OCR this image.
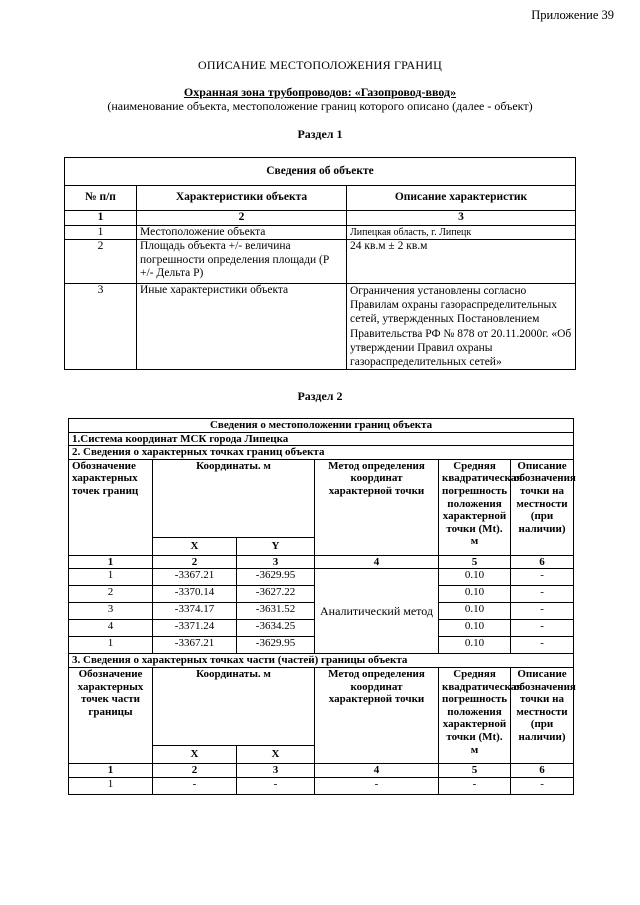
Приложение 39
ОПИСАНИЕ МЕСТОПОЛОЖЕНИЯ ГРАНИЦ
Охранная зона трубопроводов: «Газопровод-ввод»
(наименование объекта, местоположение границ которого описано (далее - объект)
Раздел 1
Сведения об объекте		
№ п/п	Характеристики объекта	Описание характеристик
1	2	3
1	Местоположение объекта	Липецкая область, г. Липецк
2	Площадь объекта +/- величина погрешности определения площади (Р +/- Дельта Р)	24 кв.м ± 2 кв.м
3	Иные характеристики объекта	Ограничения установлены согласно Правилам охраны газораспределительных сетей, утвержденных Постановлением Правительства РФ № 878 от 20.11.2000г. «Об утверждении Правил охраны газораспределительных сетей»
Раздел 2
Сведения о местоположении границ объекта					
1.Система координат МСК города Липецка					
2. Сведения о характерных точках границ объекта					
Обозначение характерных точек границ	Координаты. м		Метод определения координат характерной точки	Средняя квадратическая погрешность положения характерной точки (Mt). м	Описание обозначения точки на местности (при наличии)
	X	Y			
1	2	3	4	5	6
1	-3367.21	-3629.95	Аналитический метод	0.10	-
2	-3370.14	-3627.22		0.10	-
3	-3374.17	-3631.52		0.10	-
4	-3371.24	-3634.25		0.10	-
1	-3367.21	-3629.95		0.10	-
3. Сведения о характерных точках части (частей) границы объекта					
Обозначение характерных точек части границы	Координаты. м		Метод определения координат характерной точки	Средняя квадратическая погрешность положения характерной точки (Mt). м	Описание обозначения точки на местности (при наличии)
	X	X			
1	2	3	4	5	6
1	-	-	-	-	-
